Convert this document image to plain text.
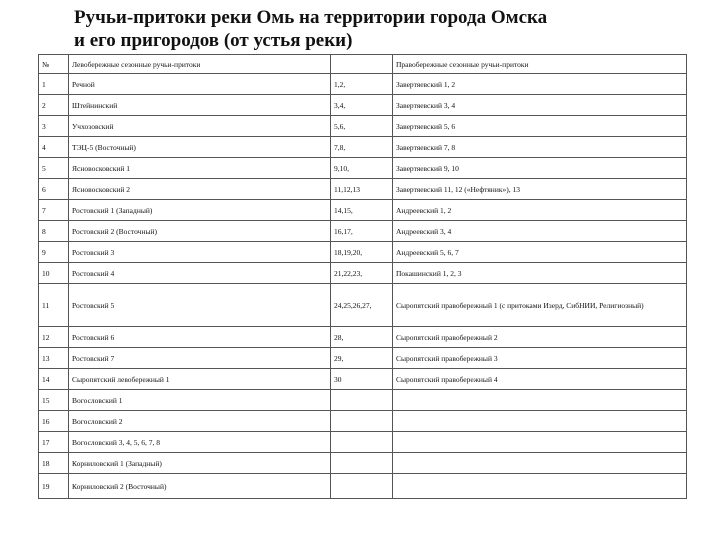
Ручьи-притоки реки Омь на территории города Омска
и его пригородов (от устья реки)
№	Левобережные сезонные ручьи-притоки		Правобережные сезонные ручьи-притоки
1	Речной	1,2,	Завертяевский 1, 2
2	Штейнинский	3,4,	Завертяевский 3, 4
3	Учхозовский	5,6,	Завертяевский 5, 6
4	ТЭЦ-5 (Восточный)	7,8,	Завертяевский 7, 8
5	Ясновосковский 1	9,10,	Завертяевский 9, 10
6	Ясновосковский 2	11,12,13	Завертяевский 11, 12 («Нефтяник»), 13
7	Ростовский 1 (Западный)	14,15,	Андреевский 1, 2
8	Ростовский 2 (Восточный)	16,17,	Андреевский 3, 4
9	Ростовский 3	18,19,20,	Андреевский 5, 6, 7
10	Ростовский 4	21,22,23,	Покашинский 1, 2, 3
11	Ростовский 5	24,25,26,27,	Сыропятский правобережный 1 (с притоками Изерд, СибНИИ, Религиозный)
12	Ростовский 6	28,	Сыропятский правобережный 2
13	Ростовский 7	29,	Сыропятский правобережный 3
14	Сыропятский левобережный 1	30	Сыропятский правобережный 4
15	Вогословский 1		
16	Вогословский 2		
17	Вогословский 3, 4, 5, 6, 7, 8		
18	Корниловский 1 (Западный)		
19	Корниловский 2 (Восточный)		
